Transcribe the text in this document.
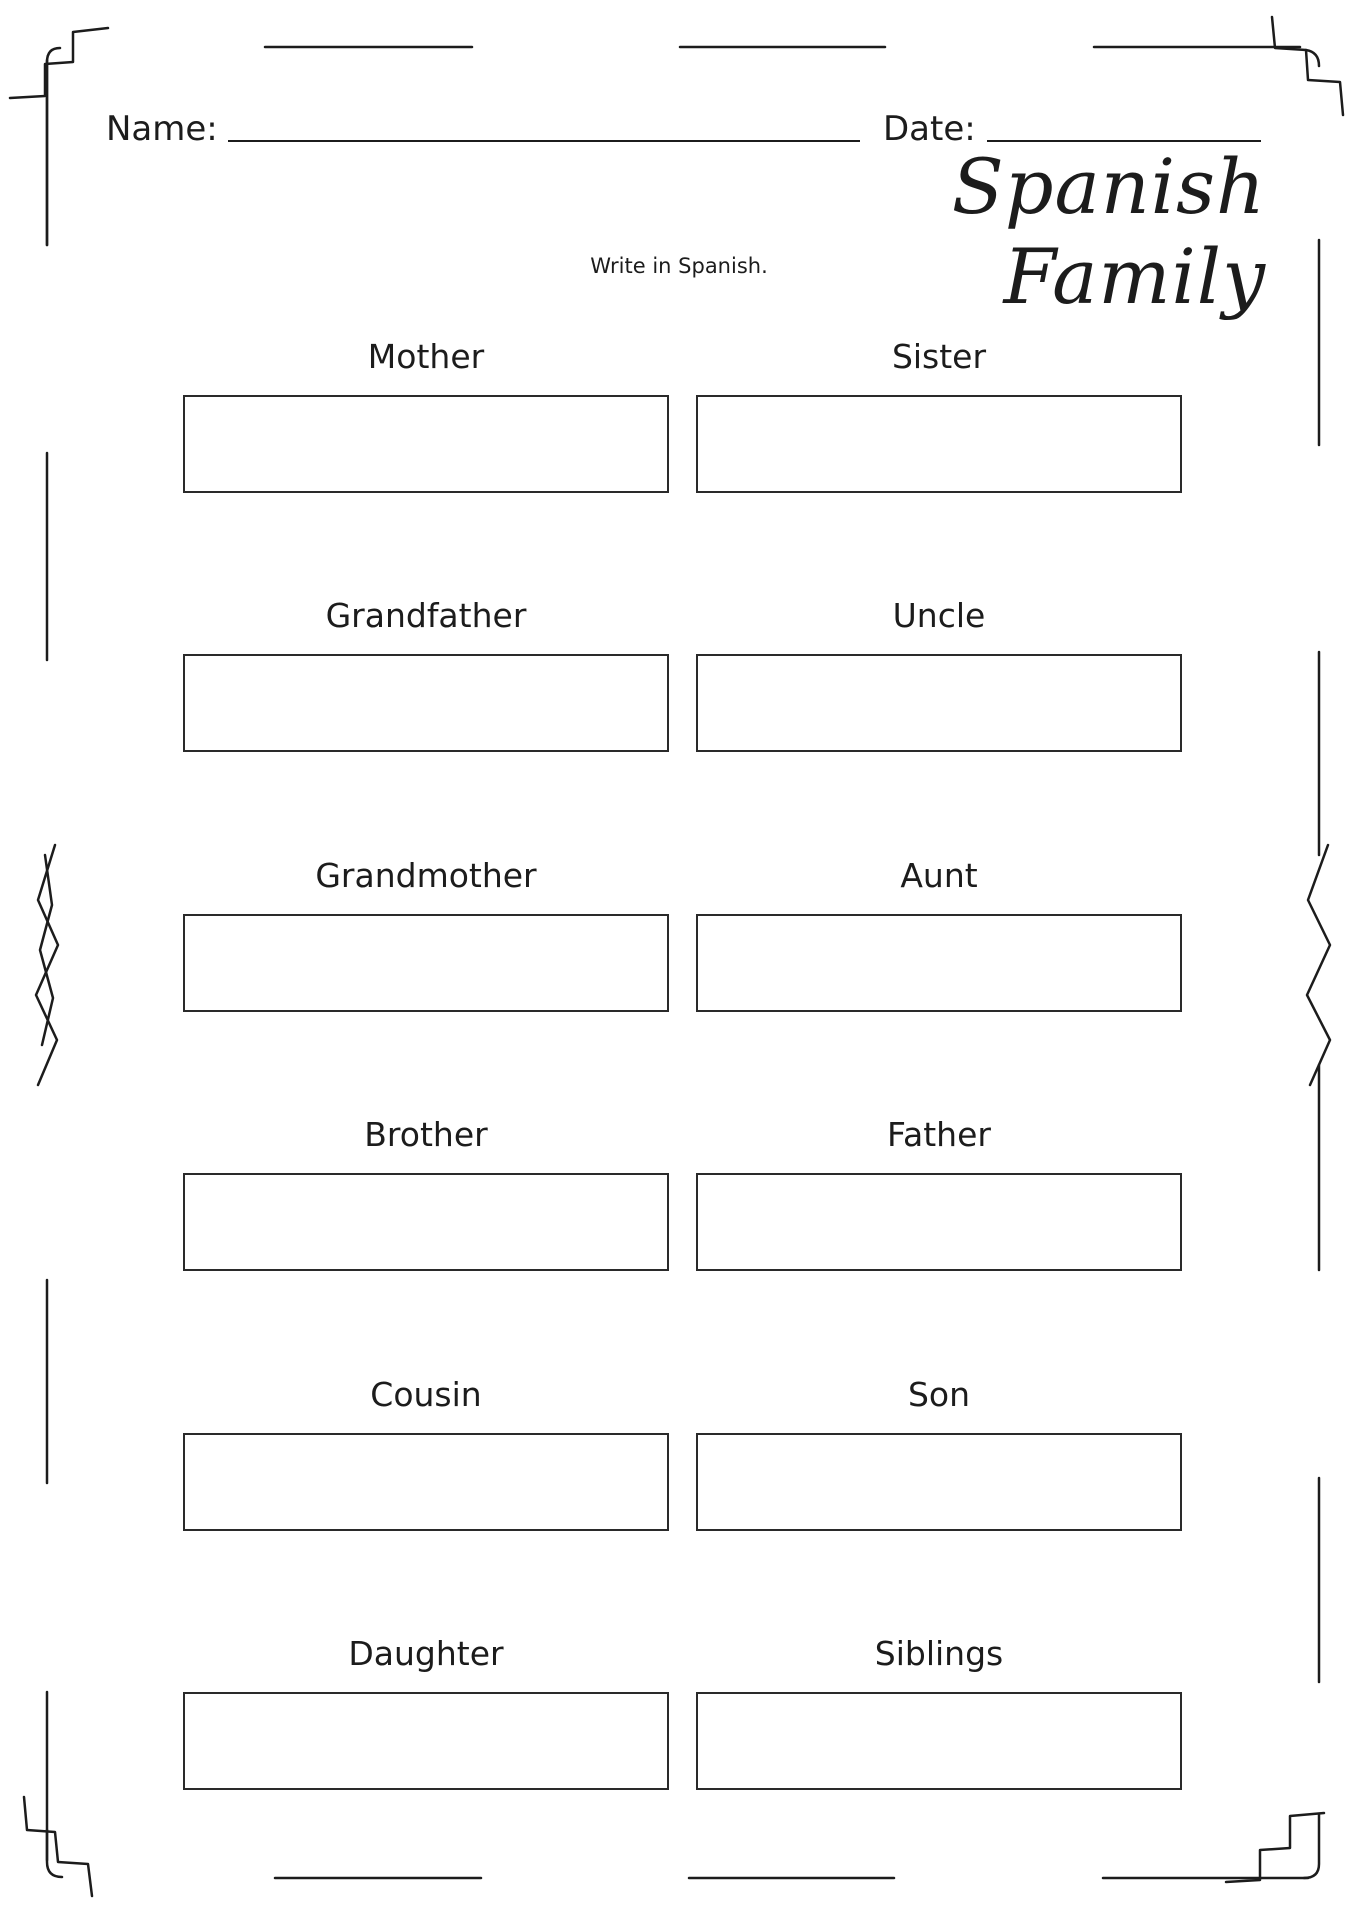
Name:	Date:
Spanish Family
Write in Spanish.
Mother	Sister
Grandfather	Uncle
Grandmother	Aunt
Brother	Father
Cousin	Son
Daughter	Siblings
